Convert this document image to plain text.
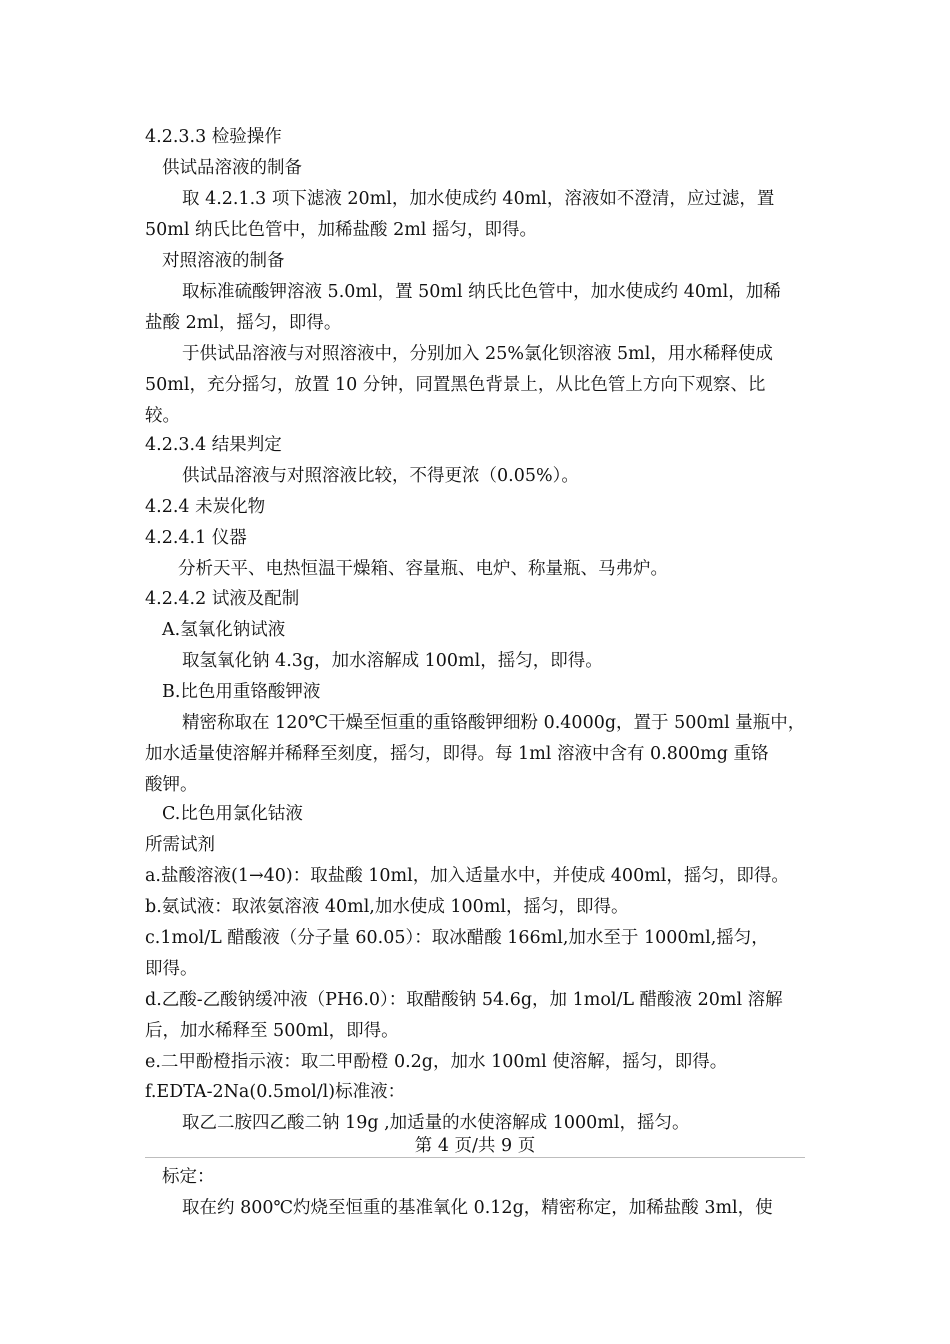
4.2.3.3 检验操作

供试品溶液的制备

取 4.2.1.3 项下滤液 20ml，加水使成约 40ml，溶液如不澄清，应过滤，置

50ml 纳氏比色管中，加稀盐酸 2ml 摇匀，即得。

对照溶液的制备

取标准硫酸钾溶液 5.0ml，置 50ml 纳氏比色管中，加水使成约 40ml，加稀

盐酸 2ml，摇匀，即得。

于供试品溶液与对照溶液中，分别加入 25%氯化钡溶液 5ml，用水稀释使成

50ml，充分摇匀，放置 10 分钟，同置黑色背景上，从比色管上方向下观察、比

较。

4.2.3.4 结果判定

供试品溶液与对照溶液比较，不得更浓（0.05%）。

4.2.4 未炭化物

4.2.4.1 仪器

分析天平、电热恒温干燥箱、容量瓶、电炉、称量瓶、马弗炉。

4.2.4.2 试液及配制

A.氢氧化钠试液

取氢氧化钠 4.3g，加水溶解成 100ml，摇匀，即得。

B.比色用重铬酸钾液

精密称取在 120℃干燥至恒重的重铬酸钾细粉 0.4000g，置于 500ml 量瓶中，

加水适量使溶解并稀释至刻度，摇匀，即得。每 1ml 溶液中含有 0.800mg 重铬

酸钾。

C.比色用氯化钴液

所需试剂

a.盐酸溶液(1→40)：取盐酸 10ml，加入适量水中，并使成 400ml，摇匀，即得。

b.氨试液：取浓氨溶液 40ml,加水使成 100ml，摇匀，即得。

c.1mol/L 醋酸液（分子量 60.05）：取冰醋酸 166ml,加水至于 1000ml,摇匀，

即得。

d.乙酸-乙酸钠缓冲液（PH6.0）：取醋酸钠 54.6g，加 1mol/L 醋酸液 20ml 溶解

后，加水稀释至 500ml，即得。

e.二甲酚橙指示液：取二甲酚橙 0.2g，加水 100ml 使溶解，摇匀，即得。

f.EDTA-2Na(0.5mol/l)标准液：

取乙二胺四乙酸二钠 19g ,加适量的水使溶解成 1000ml，摇匀。

第 4 页/共 9 页

标定：

取在约 800℃灼烧至恒重的基准氧化 0.12g，精密称定，加稀盐酸 3ml，使
